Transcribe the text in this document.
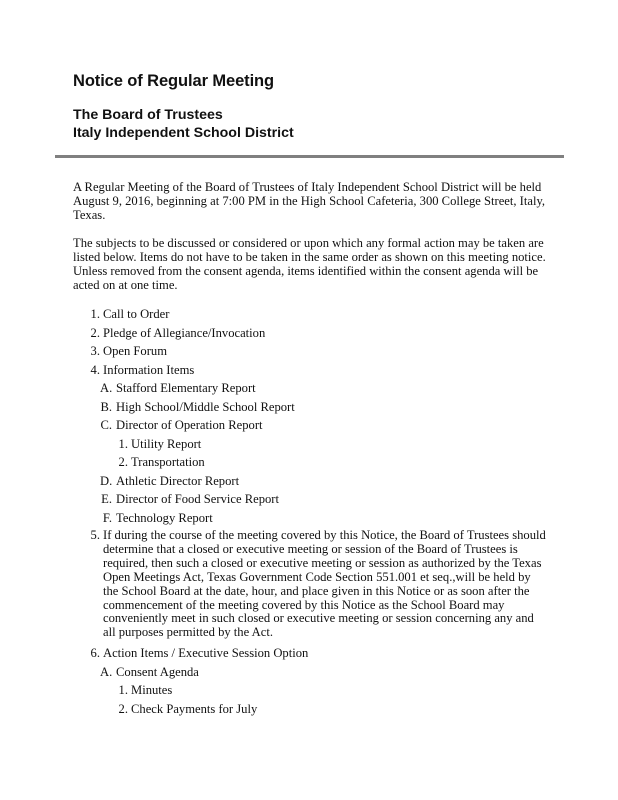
Notice of Regular Meeting
The Board of Trustees
Italy Independent School District

A Regular Meeting of the Board of Trustees of Italy Independent School District will be held August 9, 2016, beginning at 7:00 PM in the High School Cafeteria, 300 College Street, Italy, Texas.

The subjects to be discussed or considered or upon which any formal action may be taken are listed below. Items do not have to be taken in the same order as shown on this meeting notice. Unless removed from the consent agenda, items identified within the consent agenda will be acted on at one time.

1. Call to Order
2. Pledge of Allegiance/Invocation
3. Open Forum
4. Information Items
A. Stafford Elementary Report
B. High School/Middle School Report
C. Director of Operation Report
1. Utility Report
2. Transportation
D. Athletic Director Report
E. Director of Food Service Report
F. Technology Report
6. Action Items / Executive Session Option
A. Consent Agenda
1. Minutes
2. Check Payments for July
5. If during the course of the meeting covered by this Notice, the Board of Trustees should determine that a closed or executive meeting or session of the Board of Trustees is required, then such a closed or executive meeting or session as authorized by the Texas Open Meetings Act, Texas Government Code Section 551.001 et seq.,will be held by the School Board at the date, hour, and place given in this Notice or as soon after the commencement of the meeting covered by this Notice as the School Board may conveniently meet in such closed or executive meeting or session concerning any and all purposes permitted by the Act.
